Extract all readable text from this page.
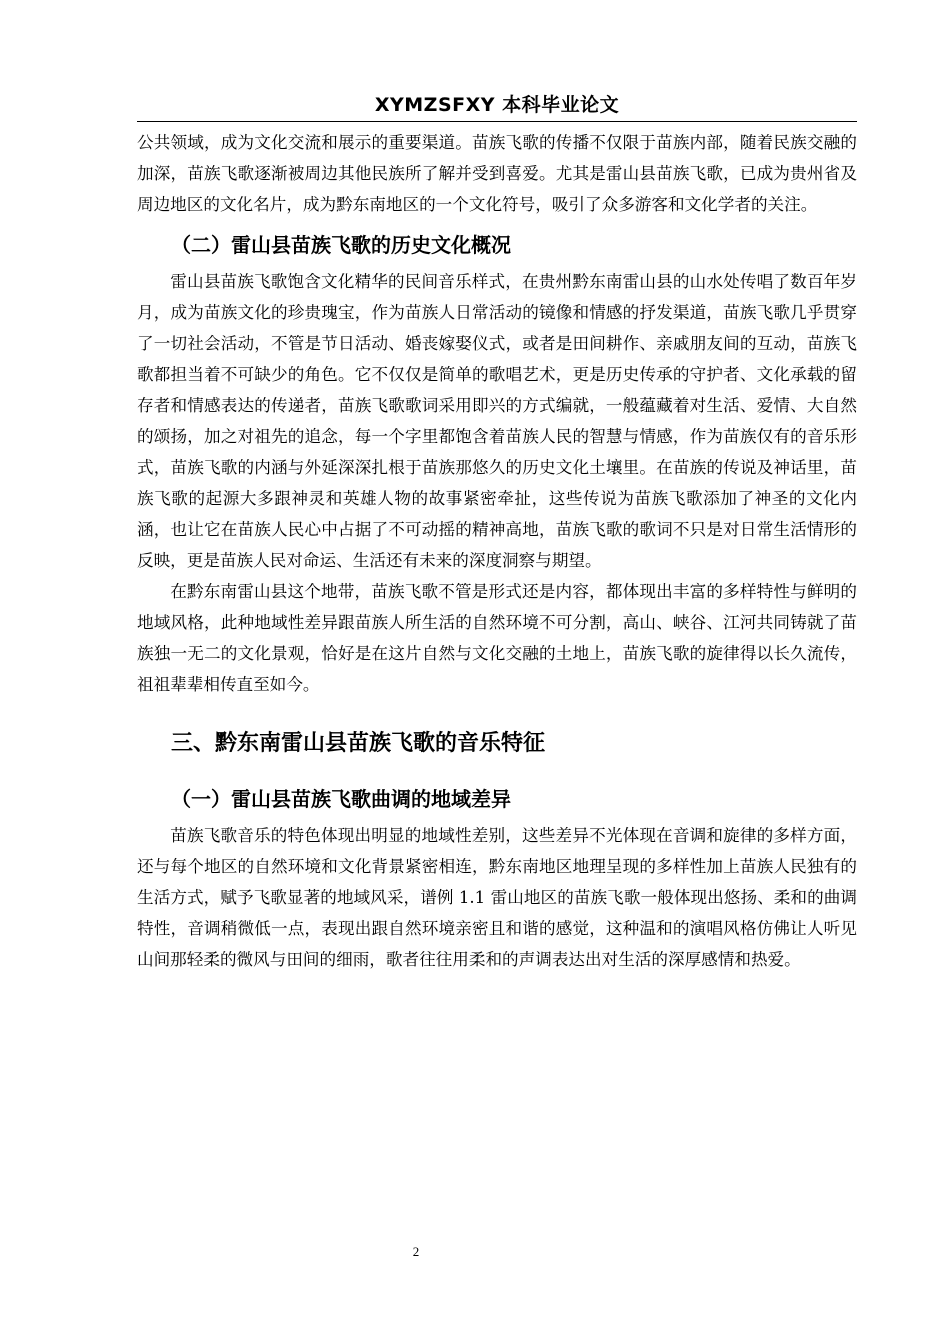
XYMZSFXY 本科毕业论文

公共领域，成为文化交流和展示的重要渠道。苗族飞歌的传播不仅限于苗族内部，随着民族交融的加深，苗族飞歌逐渐被周边其他民族所了解并受到喜爱。尤其是雷山县苗族飞歌，已成为贵州省及周边地区的文化名片，成为黔东南地区的一个文化符号，吸引了众多游客和文化学者的关注。

（二）雷山县苗族飞歌的历史文化概况

雷山县苗族飞歌饱含文化精华的民间音乐样式，在贵州黔东南雷山县的山水处传唱了数百年岁月，成为苗族文化的珍贵瑰宝，作为苗族人日常活动的镜像和情感的抒发渠道，苗族飞歌几乎贯穿了一切社会活动，不管是节日活动、婚丧嫁娶仪式，或者是田间耕作、亲戚朋友间的互动，苗族飞歌都担当着不可缺少的角色。它不仅仅是简单的歌唱艺术，更是历史传承的守护者、文化承载的留存者和情感表达的传递者，苗族飞歌歌词采用即兴的方式编就，一般蕴藏着对生活、爱情、大自然的颂扬，加之对祖先的追念，每一个字里都饱含着苗族人民的智慧与情感，作为苗族仅有的音乐形式，苗族飞歌的内涵与外延深深扎根于苗族那悠久的历史文化土壤里。在苗族的传说及神话里，苗族飞歌的起源大多跟神灵和英雄人物的故事紧密牵扯，这些传说为苗族飞歌添加了神圣的文化内涵，也让它在苗族人民心中占据了不可动摇的精神高地，苗族飞歌的歌词不只是对日常生活情形的反映，更是苗族人民对命运、生活还有未来的深度洞察与期望。

在黔东南雷山县这个地带，苗族飞歌不管是形式还是内容，都体现出丰富的多样特性与鲜明的地域风格，此种地域性差异跟苗族人所生活的自然环境不可分割，高山、峡谷、江河共同铸就了苗族独一无二的文化景观，恰好是在这片自然与文化交融的土地上，苗族飞歌的旋律得以长久流传，祖祖辈辈相传直至如今。

三、黔东南雷山县苗族飞歌的音乐特征
（一）雷山县苗族飞歌曲调的地域差异

苗族飞歌音乐的特色体现出明显的地域性差别，这些差异不光体现在音调和旋律的多样方面，还与每个地区的自然环境和文化背景紧密相连，黔东南地区地理呈现的多样性加上苗族人民独有的生活方式，赋予飞歌显著的地域风采，谱例 1.1 雷山地区的苗族飞歌一般体现出悠扬、柔和的曲调特性，音调稍微低一点，表现出跟自然环境亲密且和谐的感觉，这种温和的演唱风格仿佛让人听见山间那轻柔的微风与田间的细雨，歌者往往用柔和的声调表达出对生活的深厚感情和热爱。

2
